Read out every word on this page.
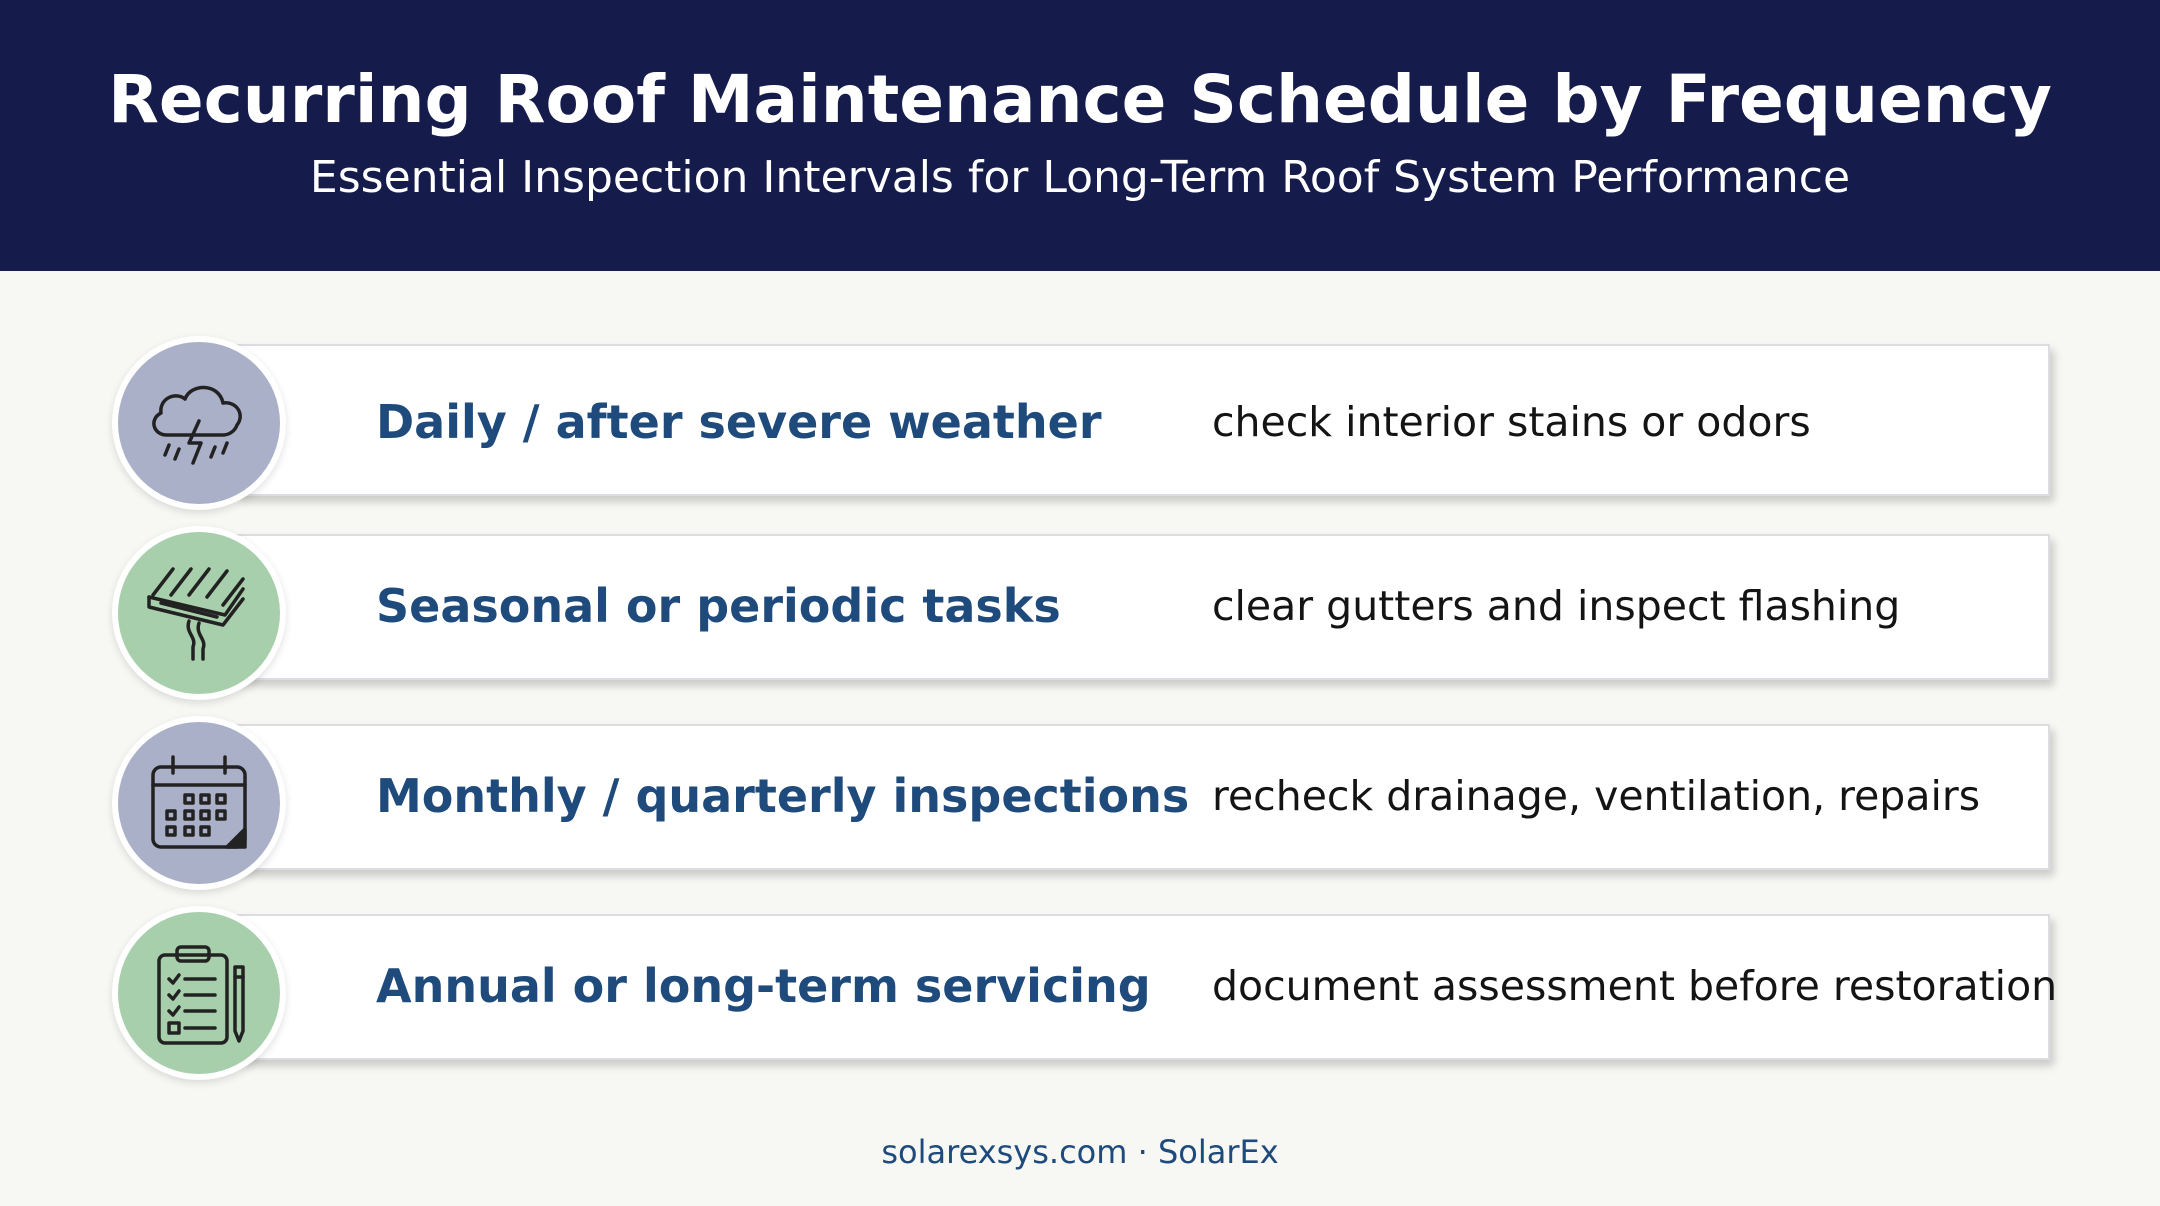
Recurring Roof Maintenance Schedule by Frequency
Essential Inspection Intervals for Long-Term Roof System Performance
Daily / after severe weather	check interior stains or odors
Seasonal or periodic tasks	clear gutters and inspect flashing
Monthly / quarterly inspections recheck drainage, ventilation, repairs
Annual or long-term servicing document assessment before restoration
solarexsys.com · SolarEx
